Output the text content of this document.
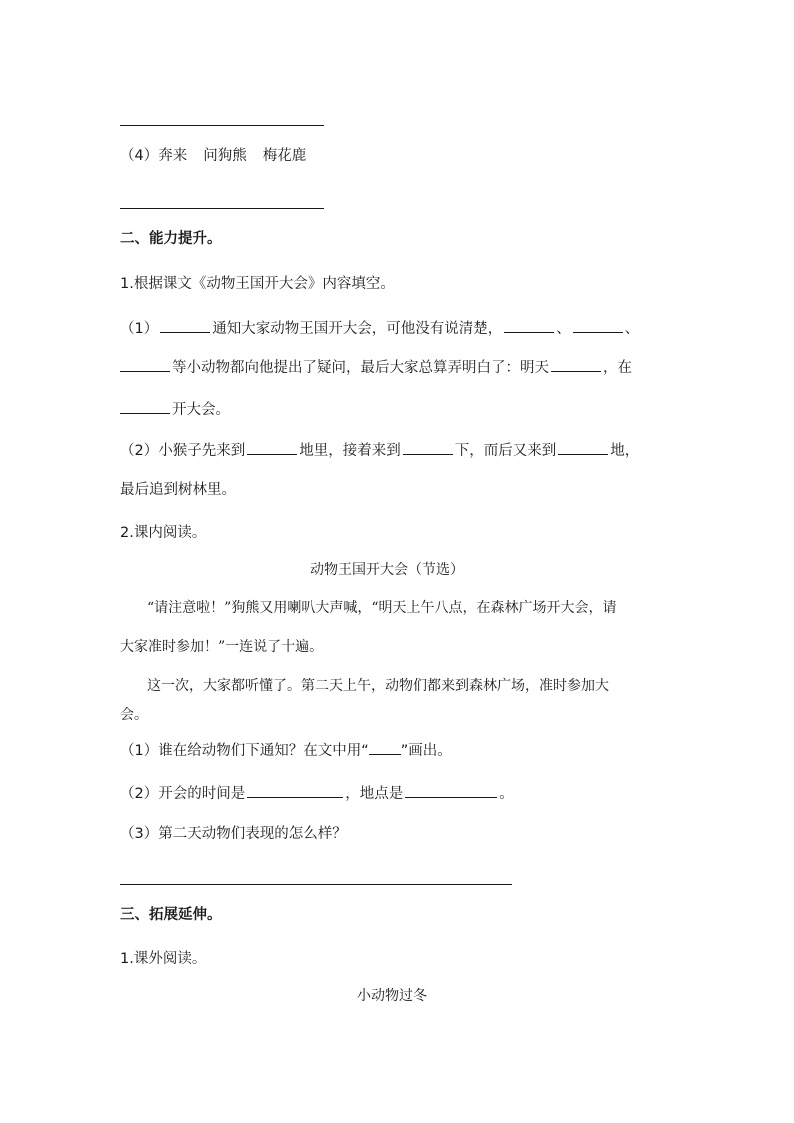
（4）奔来 问狗熊 梅花鹿
二、能力提升。
1.根据课文《动物王国开大会》内容填空。
（1）	通知大家动物王国开大会，可他没有说清楚，	、	、
等小动物都向他提出了疑问，最后大家总算弄明白了：明天	，在
开大会。
（2）小猴子先来到	地里，接着来到	下，而后又来到	地，
最后追到树林里。
2.课内阅读。
动物王国开大会（节选）
“请注意啦！”狗熊又用喇叭大声喊，“明天上午八点，在森林广场开大会，请
大家准时参加！”一连说了十遍。
这一次，大家都听懂了。第二天上午，动物们都来到森林广场，准时参加大
会。
（1）谁在给动物们下通知？在文中用“ ”画出。
（2）开会的时间是	，地点是	。
（3）第二天动物们表现的怎么样？
三、拓展延伸。
1.课外阅读。
小动物过冬
